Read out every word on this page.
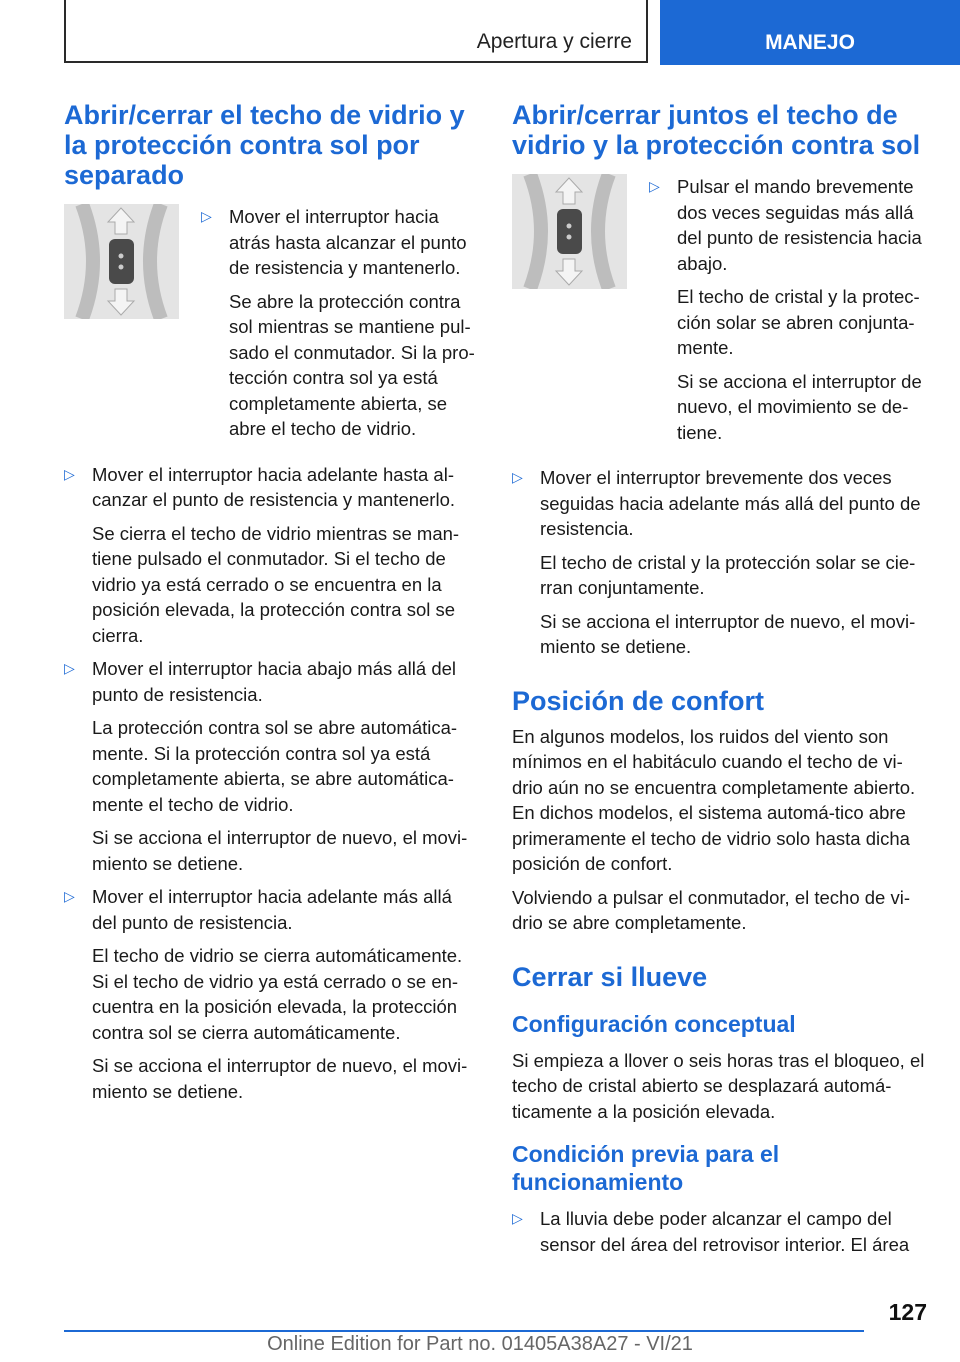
Apertura y cierre	MANEJO
Abrir/cerrar el techo de vidrio y la protección contra sol por separado
▷ Mover el interruptor hacia atrás hasta alcanzar el punto de resistencia y mantenerlo.

Se abre la protección contra sol mientras se mantiene pul-sado el conmutador. Si la pro-tección contra sol ya está completamente abierta, se abre el techo de vidrio.

▷ Mover el interruptor hacia adelante hasta al-canzar el punto de resistencia y mantenerlo.

Se cierra el techo de vidrio mientras se man-tiene pulsado el conmutador. Si el techo de vidrio ya está cerrado o se encuentra en la posición elevada, la protección contra sol se cierra.

▷ Mover el interruptor hacia abajo más allá del punto de resistencia.

La protección contra sol se abre automática-mente. Si la protección contra sol ya está completamente abierta, se abre automática-mente el techo de vidrio.

Si se acciona el interruptor de nuevo, el movi-miento se detiene.

▷ Mover el interruptor hacia adelante más allá del punto de resistencia.

El techo de vidrio se cierra automáticamente. Si el techo de vidrio ya está cerrado o se en-cuentra en la posición elevada, la protección contra sol se cierra automáticamente.

Si se acciona el interruptor de nuevo, el movi-miento se detiene.

Abrir/cerrar juntos el techo de vidrio y la protección contra sol
▷ Pulsar el mando brevemente dos veces seguidas más allá del punto de resistencia hacia abajo.

El techo de cristal y la protec-ción solar se abren conjunta-mente.

Si se acciona el interruptor de nuevo, el movimiento se de-tiene.

▷ Mover el interruptor brevemente dos veces seguidas hacia adelante más allá del punto de resistencia.

El techo de cristal y la protección solar se cie-rran conjuntamente.

Si se acciona el interruptor de nuevo, el movi-miento se detiene.

Posición de confort

En algunos modelos, los ruidos del viento son mínimos en el habitáculo cuando el techo de vi-drio aún no se encuentra completamente abierto. En dichos modelos, el sistema automá-tico abre primeramente el techo de vidrio solo hasta dicha posición de confort.

Volviendo a pulsar el conmutador, el techo de vi-drio se abre completamente.

Cerrar si llueve
Configuración conceptual

Si empieza a llover o seis horas tras el bloqueo, el techo de cristal abierto se desplazará automá-ticamente a la posición elevada.

Condición previa para el funcionamiento
▷ La lluvia debe poder alcanzar el campo del sensor del área del retrovisor interior. El área

127
Online Edition for Part no. 01405A38A27 - VI/21
